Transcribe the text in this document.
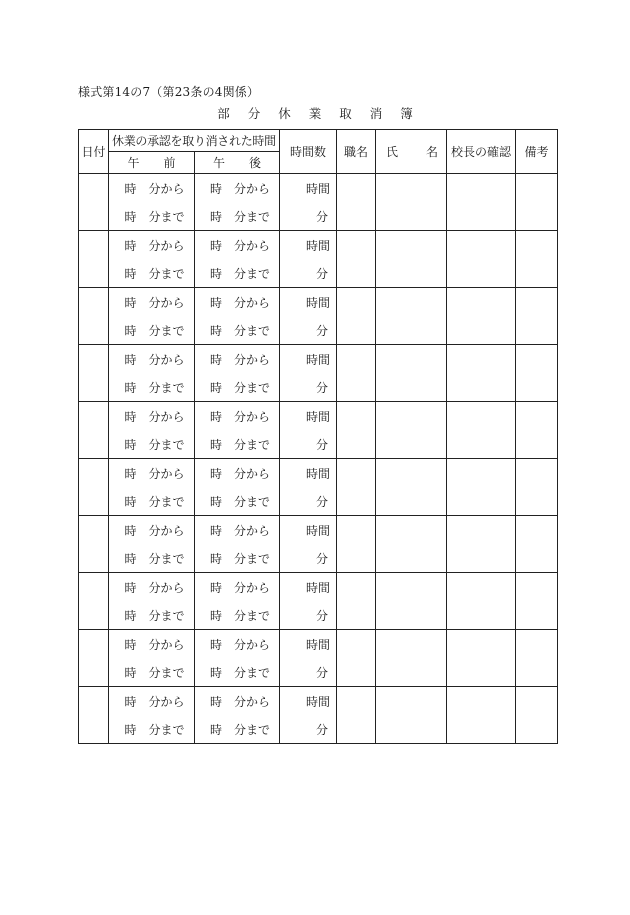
様式第14の7（第23条の4関係）
部 分 休 業 取 消 簿
日付	休業の承認を取り消された時間		時間数	職名	氏 名	校長の確認	備考
	午　　前	午　　後					
	時 分から	時 分から	時間				
	時 分まで	時 分まで	分				
	時 分から	時 分から	時間				
	時 分まで	時 分まで	分				
	時 分から	時 分から	時間				
	時 分まで	時 分まで	分				
	時 分から	時 分から	時間				
	時 分まで	時 分まで	分				
	時 分から	時 分から	時間				
	時 分まで	時 分まで	分				
	時 分から	時 分から	時間				
	時 分まで	時 分まで	分				
	時 分から	時 分から	時間				
	時 分まで	時 分まで	分				
	時 分から	時 分から	時間				
	時 分まで	時 分まで	分				
	時 分から	時 分から	時間				
	時 分まで	時 分まで	分				
	時 分から	時 分から	時間				
	時 分まで	時 分まで	分				
